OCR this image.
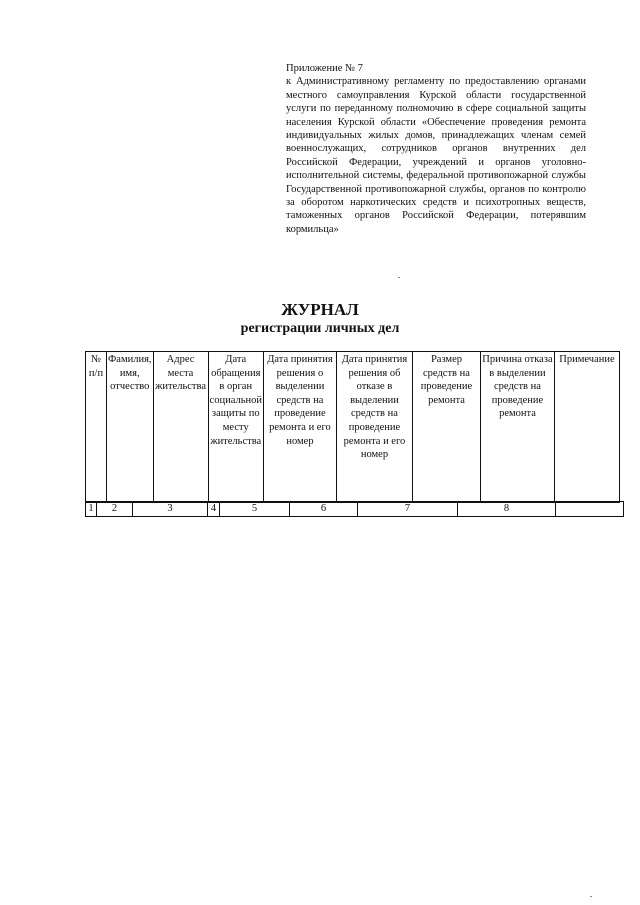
Приложение № 7
к Административному регламенту по предоставлению органами местного самоуправления Курской области государственной услуги по переданному полномочию в сфере социальной защиты населения Курской области «Обеспечение проведения ремонта индивидуальных жилых домов, принадлежащих членам семей военнослужащих, сотрудников органов внутренних дел Российской Федерации, учреждений и органов уголовно-исполнительной системы, федеральной противопожарной службы Государственной противопожарной службы, органов по контролю за оборотом наркотических средств и психотропных веществ, таможенных органов Российской Федерации, потерявшим кормильца»
ЖУРНАЛ
регистрации личных дел
№ п/п	Фамилия, имя, отчество	Адрес места жительства	Дата обращения в орган социальной защиты по месту жительства	Дата принятия решения о выделении средств на проведение ремонта и его номер	Дата принятия решения об отказе в выделении средств на проведение ремонта и его номер	Размер средств на проведение ремонта	Причина отказа в выделении средств на проведение ремонта	Примечание
1	2	3	4	5	6	7	8	
